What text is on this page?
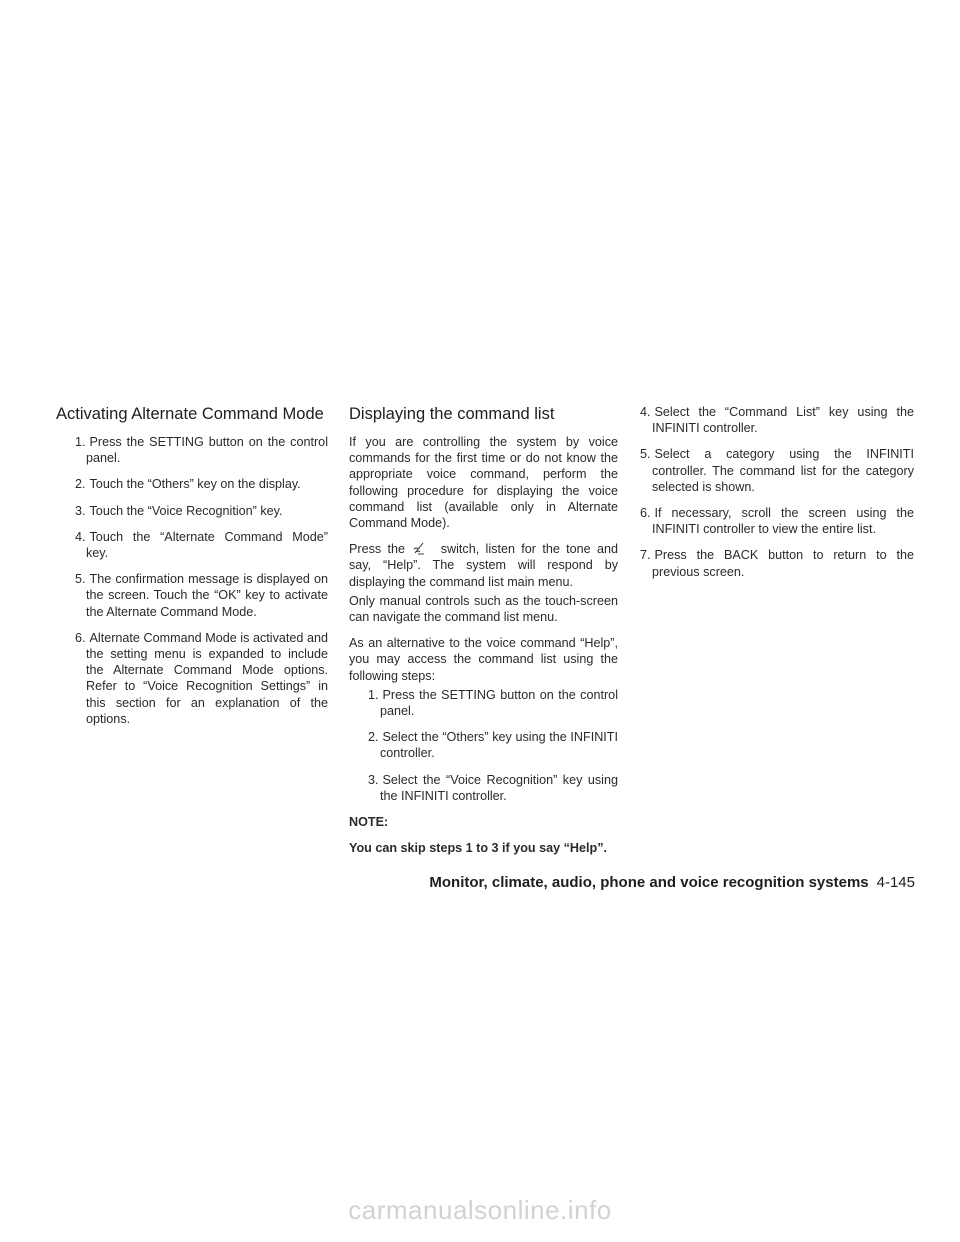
Activating Alternate Command Mode
1. Press the SETTING button on the control panel.
2. Touch the “Others” key on the display.
3. Touch the “Voice Recognition” key.
4. Touch the “Alternate Command Mode” key.
5. The confirmation message is displayed on the screen. Touch the “OK” key to activate the Alternate Command Mode.
6. Alternate Command Mode is activated and the setting menu is expanded to include the Alternate Command Mode options. Refer to “Voice Recognition Settings” in this section for an explanation of the options.
Displaying the command list

If you are controlling the system by voice commands for the first time or do not know the appropriate voice command, perform the following procedure for displaying the voice command list (available only in Alternate Command Mode).

Press the	switch, listen for the tone and say, “Help”. The system will respond by displaying the command list main menu.

Only manual controls such as the touch-screen can navigate the command list menu.

As an alternative to the voice command “Help”, you may access the command list using the following steps:

1. Press the SETTING button on the control panel.
2. Select the “Others” key using the INFINITI controller.
3. Select the “Voice Recognition” key using the INFINITI controller.

NOTE:

You can skip steps 1 to 3 if you say “Help”.

4. Select the “Command List” key using the INFINITI controller.
5. Select a category using the INFINITI controller. The command list for the category selected is shown.
6. If necessary, scroll the screen using the INFINITI controller to view the entire list.
7. Press the BACK button to return to the previous screen.
Monitor, climate, audio, phone and voice recognition systems 4-145
carmanualsonline.info
